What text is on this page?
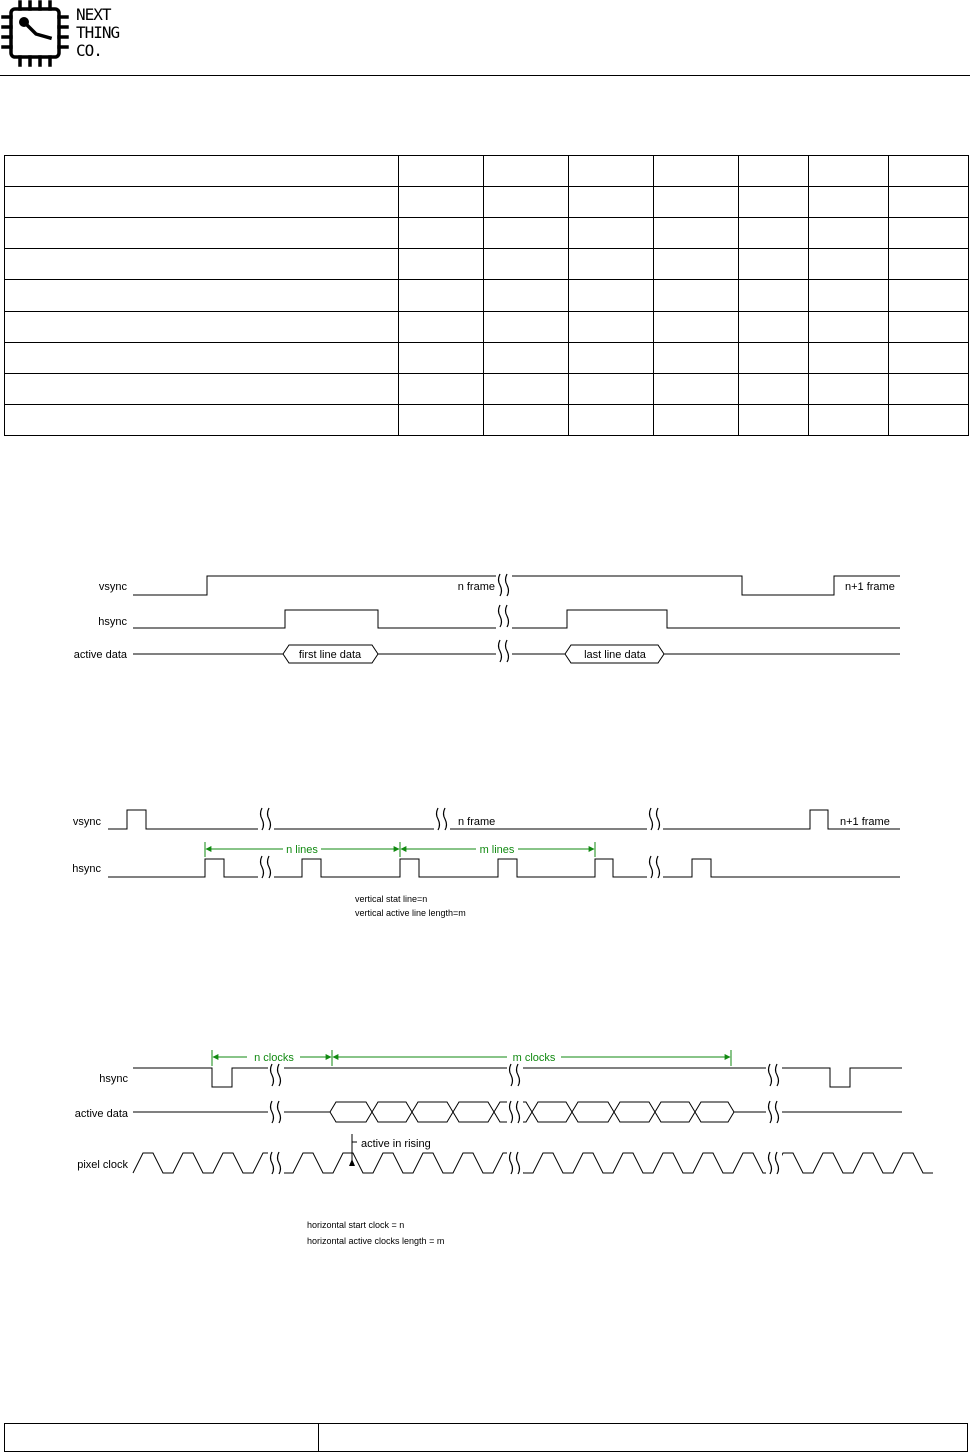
NEXT
THING
CO.

vsync
hsync
active data	first line data	last line data
n frame	n+1 frame
vsync
hsync
n frame	n+1 frame
n lines	m lines
vertical stat line=n
vertical active line length=m
hsync
active data
pixel clock
n clocks	m clocks
active in rising
horizontal start clock = n
horizontal active clocks length = m
